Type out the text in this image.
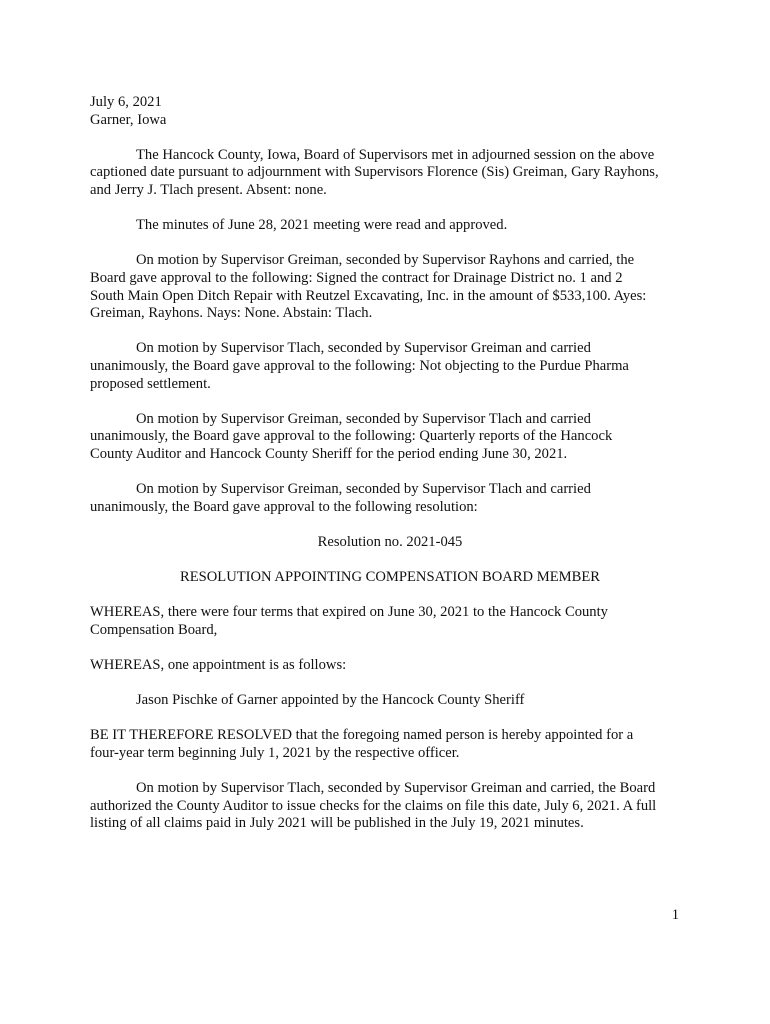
July 6, 2021
Garner, Iowa
The Hancock County, Iowa, Board of Supervisors met in adjourned session on the above
captioned date pursuant to adjournment with Supervisors Florence (Sis) Greiman, Gary Rayhons,
and Jerry J. Tlach present. Absent: none.
The minutes of June 28, 2021 meeting were read and approved.
On motion by Supervisor Greiman, seconded by Supervisor Rayhons and carried, the
Board gave approval to the following: Signed the contract for Drainage District no. 1 and 2
South Main Open Ditch Repair with Reutzel Excavating, Inc. in the amount of $533,100. Ayes:
Greiman, Rayhons. Nays: None. Abstain: Tlach.
On motion by Supervisor Tlach, seconded by Supervisor Greiman and carried
unanimously, the Board gave approval to the following: Not objecting to the Purdue Pharma
proposed settlement.
On motion by Supervisor Greiman, seconded by Supervisor Tlach and carried
unanimously, the Board gave approval to the following: Quarterly reports of the Hancock
County Auditor and Hancock County Sheriff for the period ending June 30, 2021.
On motion by Supervisor Greiman, seconded by Supervisor Tlach and carried
unanimously, the Board gave approval to the following resolution:
Resolution no. 2021-045
RESOLUTION APPOINTING COMPENSATION BOARD MEMBER
WHEREAS, there were four terms that expired on June 30, 2021 to the Hancock County
Compensation Board,
WHEREAS, one appointment is as follows:
Jason Pischke of Garner appointed by the Hancock County Sheriff
BE IT THEREFORE RESOLVED that the foregoing named person is hereby appointed for a
four-year term beginning July 1, 2021 by the respective officer.
On motion by Supervisor Tlach, seconded by Supervisor Greiman and carried, the Board
authorized the County Auditor to issue checks for the claims on file this date, July 6, 2021. A full
listing of all claims paid in July 2021 will be published in the July 19, 2021 minutes.
1
